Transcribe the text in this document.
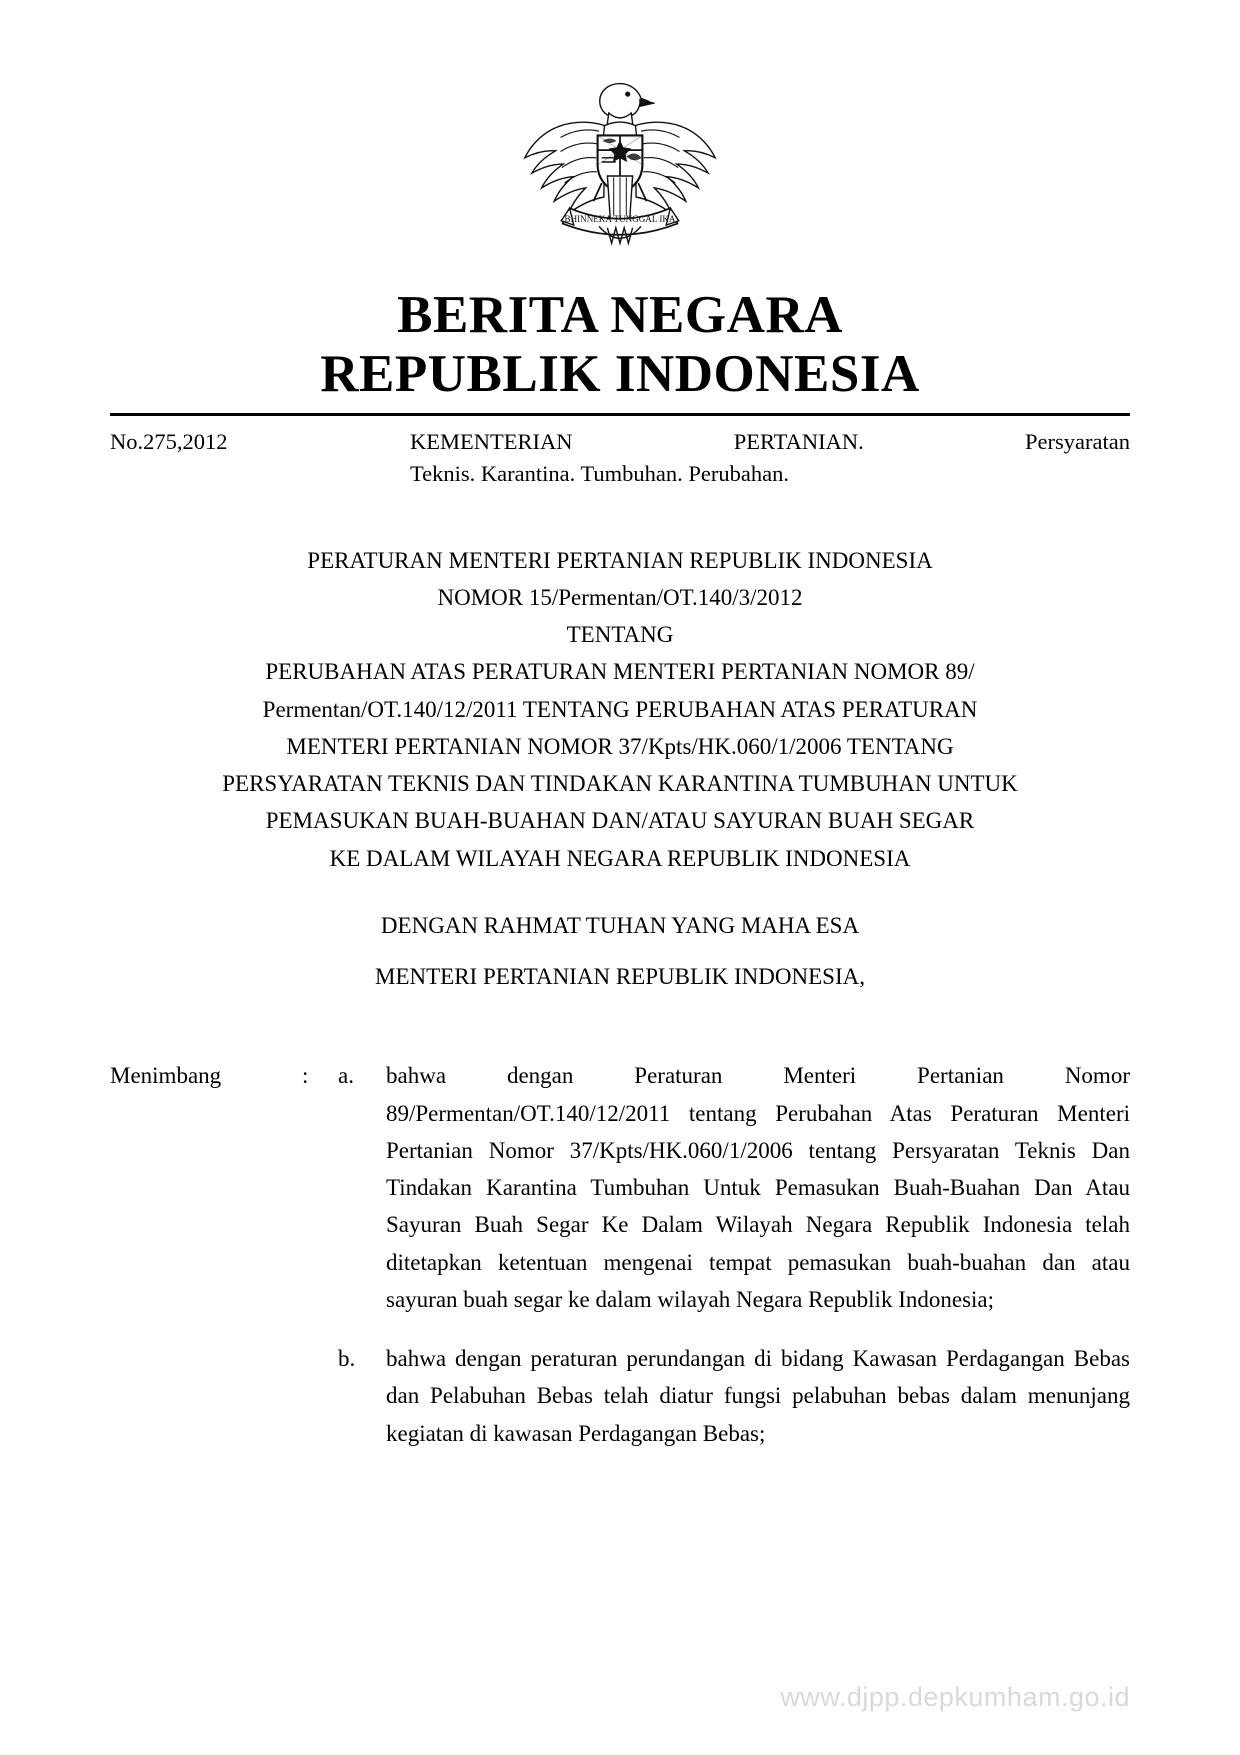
BHINNEKA TUNGGAL IKA
BERITA NEGARA
REPUBLIK INDONESIA
No.275,2012	KEMENTERIAN PERTANIAN. Persyaratan
Teknis. Karantina. Tumbuhan. Perubahan.
PERATURAN MENTERI PERTANIAN REPUBLIK INDONESIA
NOMOR 15/Permentan/OT.140/3/2012
TENTANG
PERUBAHAN ATAS PERATURAN MENTERI PERTANIAN NOMOR 89/
Permentan/OT.140/12/2011 TENTANG PERUBAHAN ATAS PERATURAN
MENTERI PERTANIAN NOMOR 37/Kpts/HK.060/1/2006 TENTANG
PERSYARATAN TEKNIS DAN TINDAKAN KARANTINA TUMBUHAN UNTUK
PEMASUKAN BUAH-BUAHAN DAN/ATAU SAYURAN BUAH SEGAR
KE DALAM WILAYAH NEGARA REPUBLIK INDONESIA
DENGAN RAHMAT TUHAN YANG MAHA ESA
MENTERI PERTANIAN REPUBLIK INDONESIA,
Menimbang	:	a.	bahwa dengan Peraturan Menteri Pertanian Nomor 89/Permentan/OT.140/12/2011 tentang Perubahan Atas Peraturan Menteri Pertanian Nomor 37/Kpts/HK.060/1/2006 tentang Persyaratan Teknis Dan Tindakan Karantina Tumbuhan Untuk Pemasukan Buah-Buahan Dan Atau Sayuran Buah Segar Ke Dalam Wilayah Negara Republik Indonesia telah ditetapkan ketentuan mengenai tempat pemasukan buah-buahan dan atau sayuran buah segar ke dalam wilayah Negara Republik Indonesia;
b.	bahwa dengan peraturan perundangan di bidang Kawasan Perdagangan Bebas dan Pelabuhan Bebas telah diatur fungsi pelabuhan bebas dalam menunjang kegiatan di kawasan Perdagangan Bebas;
www.djpp.depkumham.go.id
